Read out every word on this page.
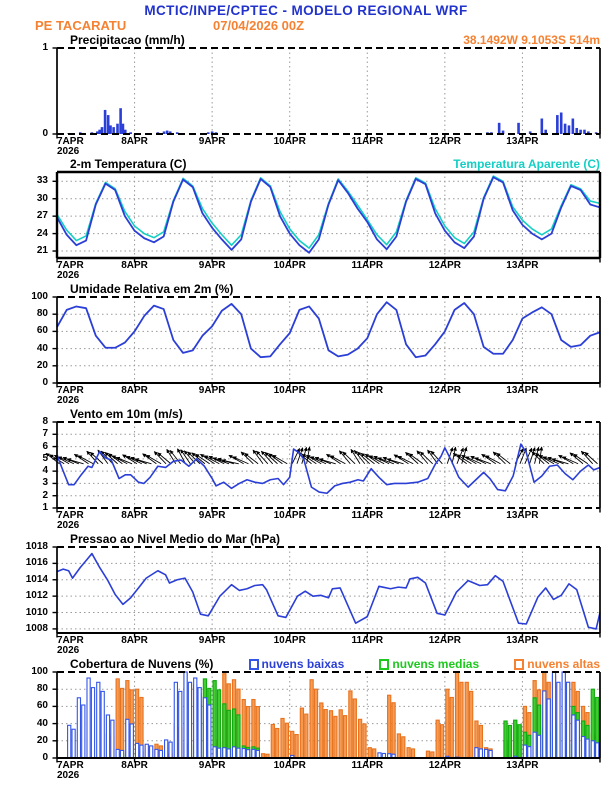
MCTIC/INPE/CPTEC - MODELO REGIONAL WRF
PE TACARATU	07/04/2026 00Z
Precipitacao (mm/h)	38.1492W 9.1053S 514m
0
1
7APR	8APR	9APR	10APR	11APR	12APR	13APR
2026
2-m Temperatura (C)	Temperatura Aparente (C)
21
24
27
30
33
7APR	8APR	9APR	10APR	11APR	12APR	13APR
2026
Umidade Relativa em 2m (%)
0
20
40
60
80
100
7APR	8APR	9APR	10APR	11APR	12APR	13APR
2026
Vento em 10m (m/s)
1
2
3
4
5
6
7
8
7APR	8APR	9APR	10APR	11APR	12APR	13APR
2026
Pressao ao Nivel Medio do Mar (hPa)
1008
1010
1012
1014
1016
1018
7APR	8APR	9APR	10APR	11APR	12APR	13APR
2026
Cobertura de Nuvens (%)	nuvens baixas	nuvens medias	nuvens altas
0
20
40
60
80
100
7APR	8APR	9APR	10APR	11APR	12APR	13APR
2026
